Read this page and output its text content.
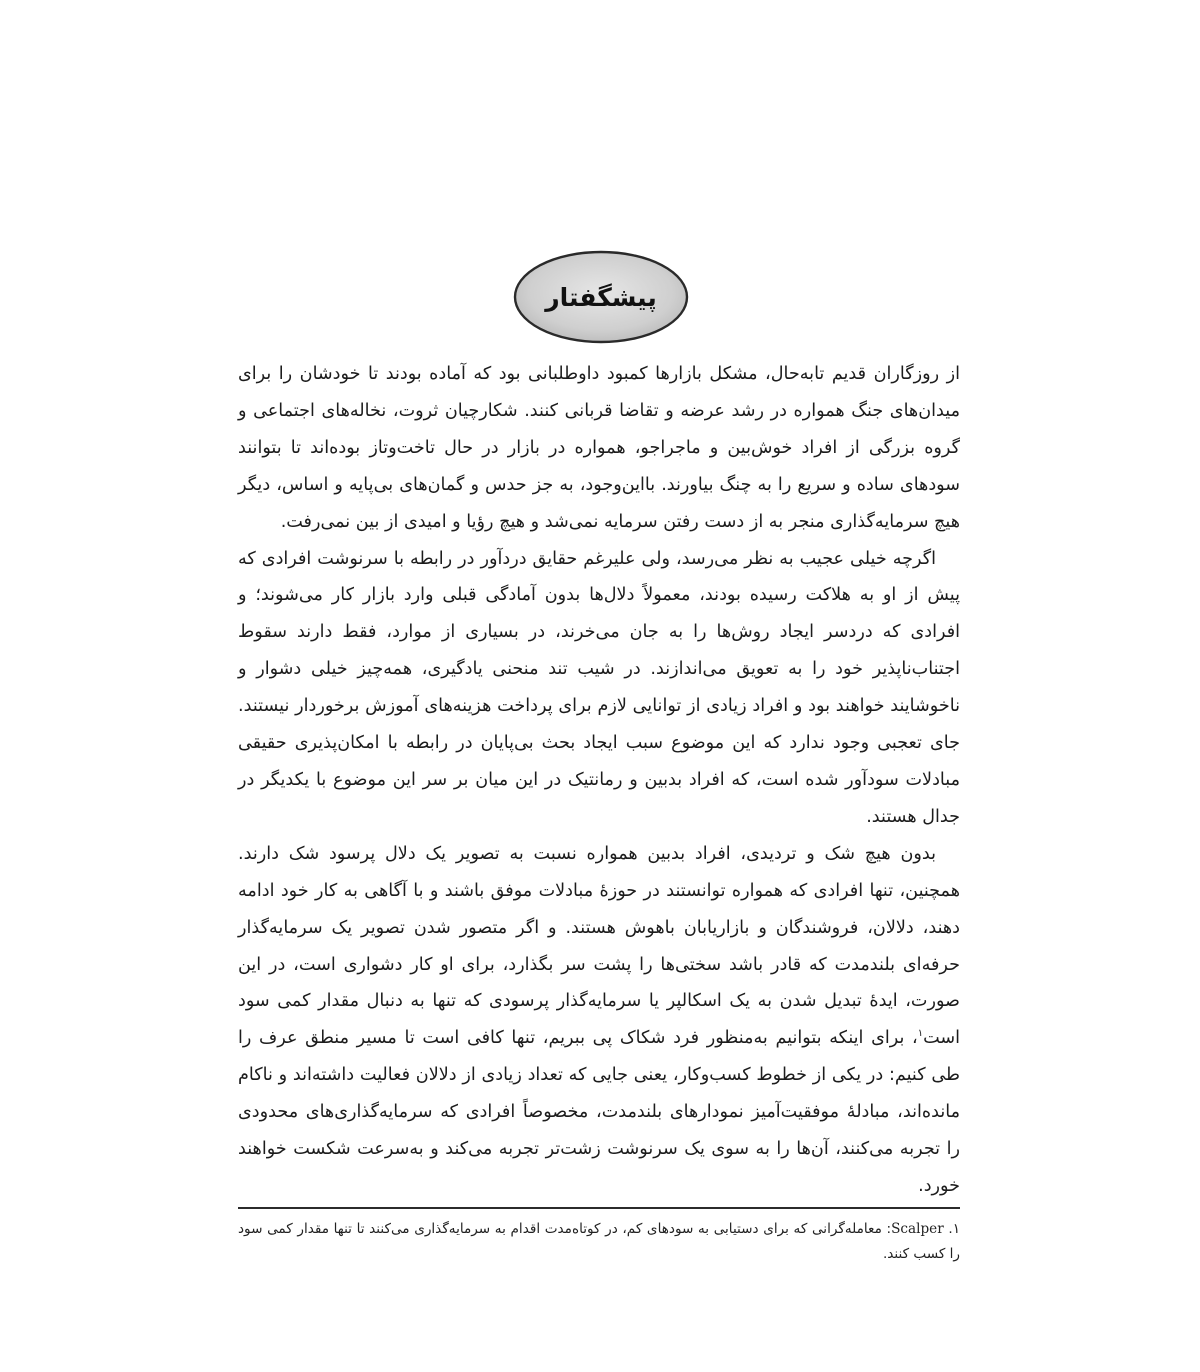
پیشگفتار

از روزگاران قدیم تابه‌حال، مشکل بازارها کمبود داوطلبانی بود که آماده بودند تا خودشان را برای میدان‌های جنگ همواره در رشد عرضه و تقاضا قربانی کنند. شکارچیان ثروت، نخاله‌های اجتماعی و گروه بزرگی از افراد خوش‌بین و ماجراجو، همواره در بازار در حال تاخت‌وتاز بوده‌اند تا بتوانند سودهای ساده و سریع را به چنگ بیاورند. بااین‌وجود، به جز حدس و گمان‌های بی‌پایه و اساس، دیگر هیچ سرمایه‌گذاری منجر به از دست رفتن سرمایه نمی‌شد و هیچ رؤیا و امیدی از بین نمی‌رفت.

اگرچه خیلی عجیب به نظر می‌رسد، ولی علیرغم حقایق دردآور در رابطه با سرنوشت افرادی که پیش از او به هلاکت رسیده بودند، معمولاً دلال‌ها بدون آمادگی قبلی وارد بازار کار می‌شوند؛ و افرادی که دردسر ایجاد روش‌ها را به جان می‌خرند، در بسیاری از موارد، فقط دارند سقوط اجتناب‌ناپذیر خود را به تعویق می‌اندازند. در شیب تند منحنی یادگیری، همه‌چیز خیلی دشوار و ناخوشایند خواهند بود و افراد زیادی از توانایی لازم برای پرداخت هزینه‌های آموزش برخوردار نیستند. جای تعجبی وجود ندارد که این موضوع سبب ایجاد بحث بی‌پایان در رابطه با امکان‌پذیری حقیقی مبادلات سودآور شده است، که افراد بدبین و رمانتیک در این میان بر سر این موضوع با یکدیگر در جدال هستند.

بدون هیچ شک و تردیدی، افراد بدبین همواره نسبت به تصویر یک دلال پرسود شک دارند. همچنین، تنها افرادی که همواره توانستند در حوزهٔ مبادلات موفق باشند و با آگاهی به کار خود ادامه دهند، دلالان، فروشندگان و بازاریابان باهوش هستند. و اگر متصور شدن تصویر یک سرمایه‌گذار حرفه‌ای بلندمدت که قادر باشد سختی‌ها را پشت سر بگذارد، برای او کار دشواری است، در این صورت، ایدهٔ تبدیل شدن به یک اسکالپر یا سرمایه‌گذار پرسودی که تنها به دنبال مقدار کمی سود است$^۱$، برای اینکه بتوانیم به‌منظور فرد شکاک پی ببریم، تنها کافی است تا مسیر منطق عرف را طی کنیم: در یکی از خطوط کسب‌وکار، یعنی جایی که تعداد زیادی از دلالان فعالیت داشته‌اند و ناکام مانده‌اند، مبادلهٔ موفقیت‌آمیز نمودارهای بلندمدت، مخصوصاً افرادی که سرمایه‌گذاری‌های محدودی را تجربه می‌کنند، آن‌ها را به سوی یک سرنوشت زشت‌تر تجربه می‌کند و به‌سرعت شکست خواهند خورد.

۱. Scalper: معامله‌گرانی که برای دستیابی به سودهای کم، در کوتاه‌مدت اقدام به سرمایه‌گذاری می‌کنند تا تنها مقدار کمی سود را کسب کنند.
